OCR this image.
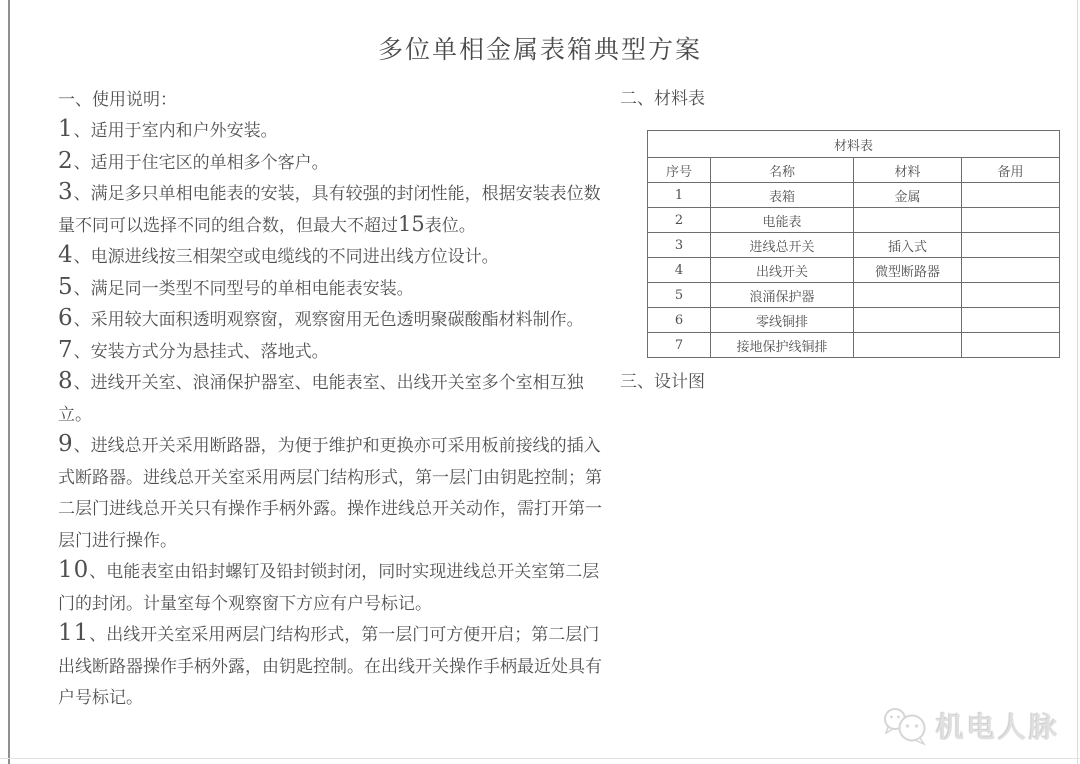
多位单相金属表箱典型方案

一、使用说明：

1、适用于室内和户外安装。

2、适用于住宅区的单相多个客户。

3、满足多只单相电能表的安装，具有较强的封闭性能，根据安装表位数量不同可以选择不同的组合数，但最大不超过15表位。

4、电源进线按三相架空或电缆线的不同进出线方位设计。

5、满足同一类型不同型号的单相电能表安装。

6、采用较大面积透明观察窗，观察窗用无色透明聚碳酸酯材料制作。

7、安装方式分为悬挂式、落地式。

8、进线开关室、浪涌保护器室、电能表室、出线开关室多个室相互独立。

9、进线总开关采用断路器，为便于维护和更换亦可采用板前接线的插入式断路器。进线总开关室采用两层门结构形式，第一层门由钥匙控制；第二层门进线总开关只有操作手柄外露。操作进线总开关动作，需打开第一层门进行操作。

10、电能表室由铅封螺钉及铅封锁封闭，同时实现进线总开关室第二层门的封闭。计量室每个观察窗下方应有户号标记。

11、出线开关室采用两层门结构形式，第一层门可方便开启；第二层门出线断路器操作手柄外露，由钥匙控制。在出线开关操作手柄最近处具有户号标记。

二、材料表

材料表			
序号	名称	材料	备用
1	表箱	金属	
2	电能表		
3	进线总开关	插入式	
4	出线开关	微型断路器	
5	浪涌保护器		
6	零线铜排		
7	接地保护线铜排		

三、设计图

机电人脉
